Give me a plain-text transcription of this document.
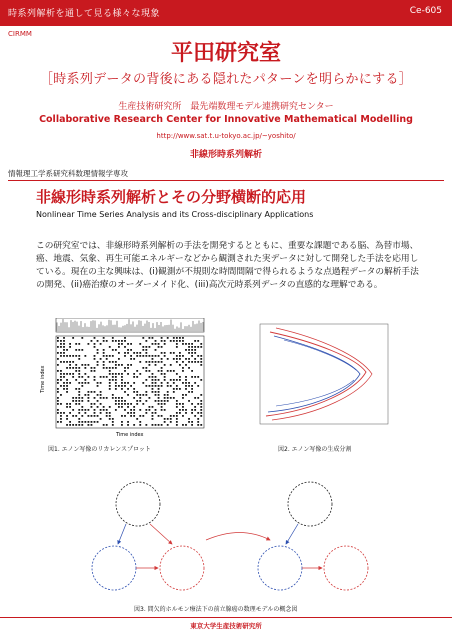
時系列解析を通して見る様々な現象	Ce-605
CIRMM
平田研究室
［時系列データの背後にある隠れたパターンを明らかにする］
生産技術研究所　最先端数理モデル連携研究センター
Collaborative Research Center for Innovative Mathematical Modelling
http://www.sat.t.u-tokyo.ac.jp/~yoshito/
非線形時系列解析
情報理工学系研究科数理情報学専攻
非線形時系列解析とその分野横断的応用
Nonlinear Time Series Analysis and its Cross-disciplinary Applications
この研究室では、非線形時系列解析の手法を開発するとともに、重要な課題である脳、為替市場、癌、地震、気象、再生可能エネルギーなどから観測された実データに対して開発した手法を応用している。現在の主な興味は、(i)観測が不規則な時間間隔で得られるような点過程データの解析手法の開発、(ii)癌治療のオーダーメイド化、(iii)高次元時系列データの直感的な理解である。
Time index
Time index
図1. エノン写像のリカレンスプロット	図2. エノン写像の生成分割
図3. 間欠的ホルモン療法下の前立腺癌の数理モデルの概念図
東京大学生産技術研究所
